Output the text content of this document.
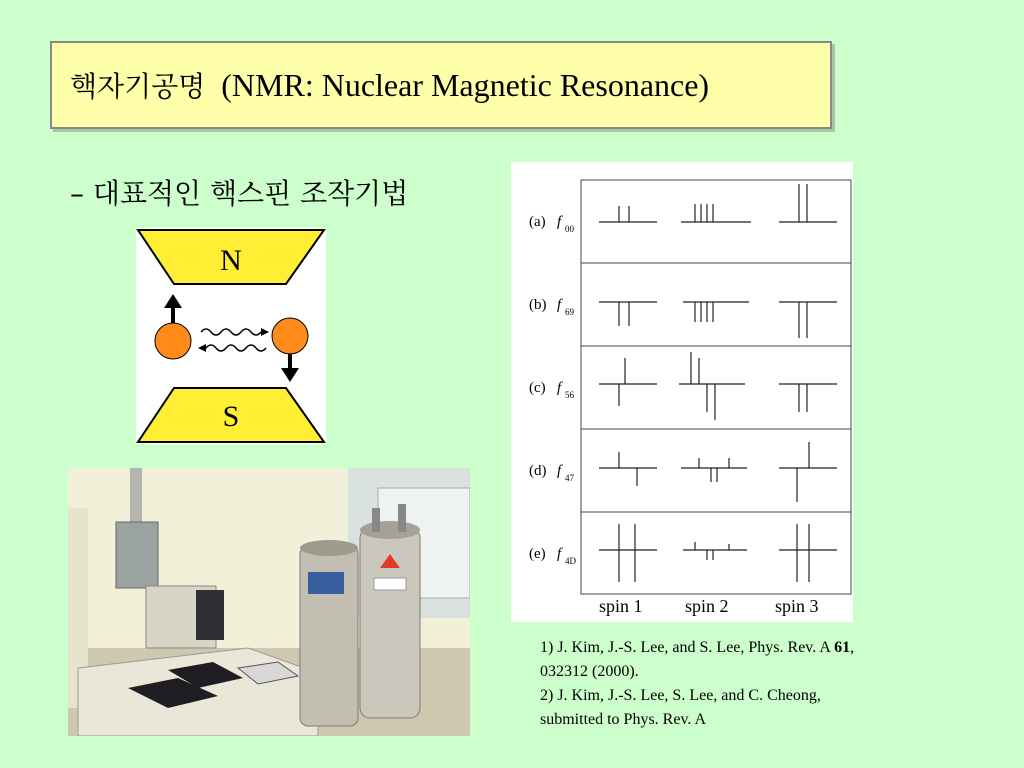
핵자기공명 (NMR: Nuclear Magnetic Resonance)
– 대표적인 핵스핀 조작기법
N
S
(a) f 00
(b) f 69
(c) f 56
(d) f 47
(e) f 4D
spin 1 spin 2	spin 3
1) J. Kim, J.-S. Lee, and S. Lee, Phys. Rev. A 61,
032312 (2000).
2) J. Kim, J.-S. Lee, S. Lee, and C. Cheong,
submitted to Phys. Rev. A
